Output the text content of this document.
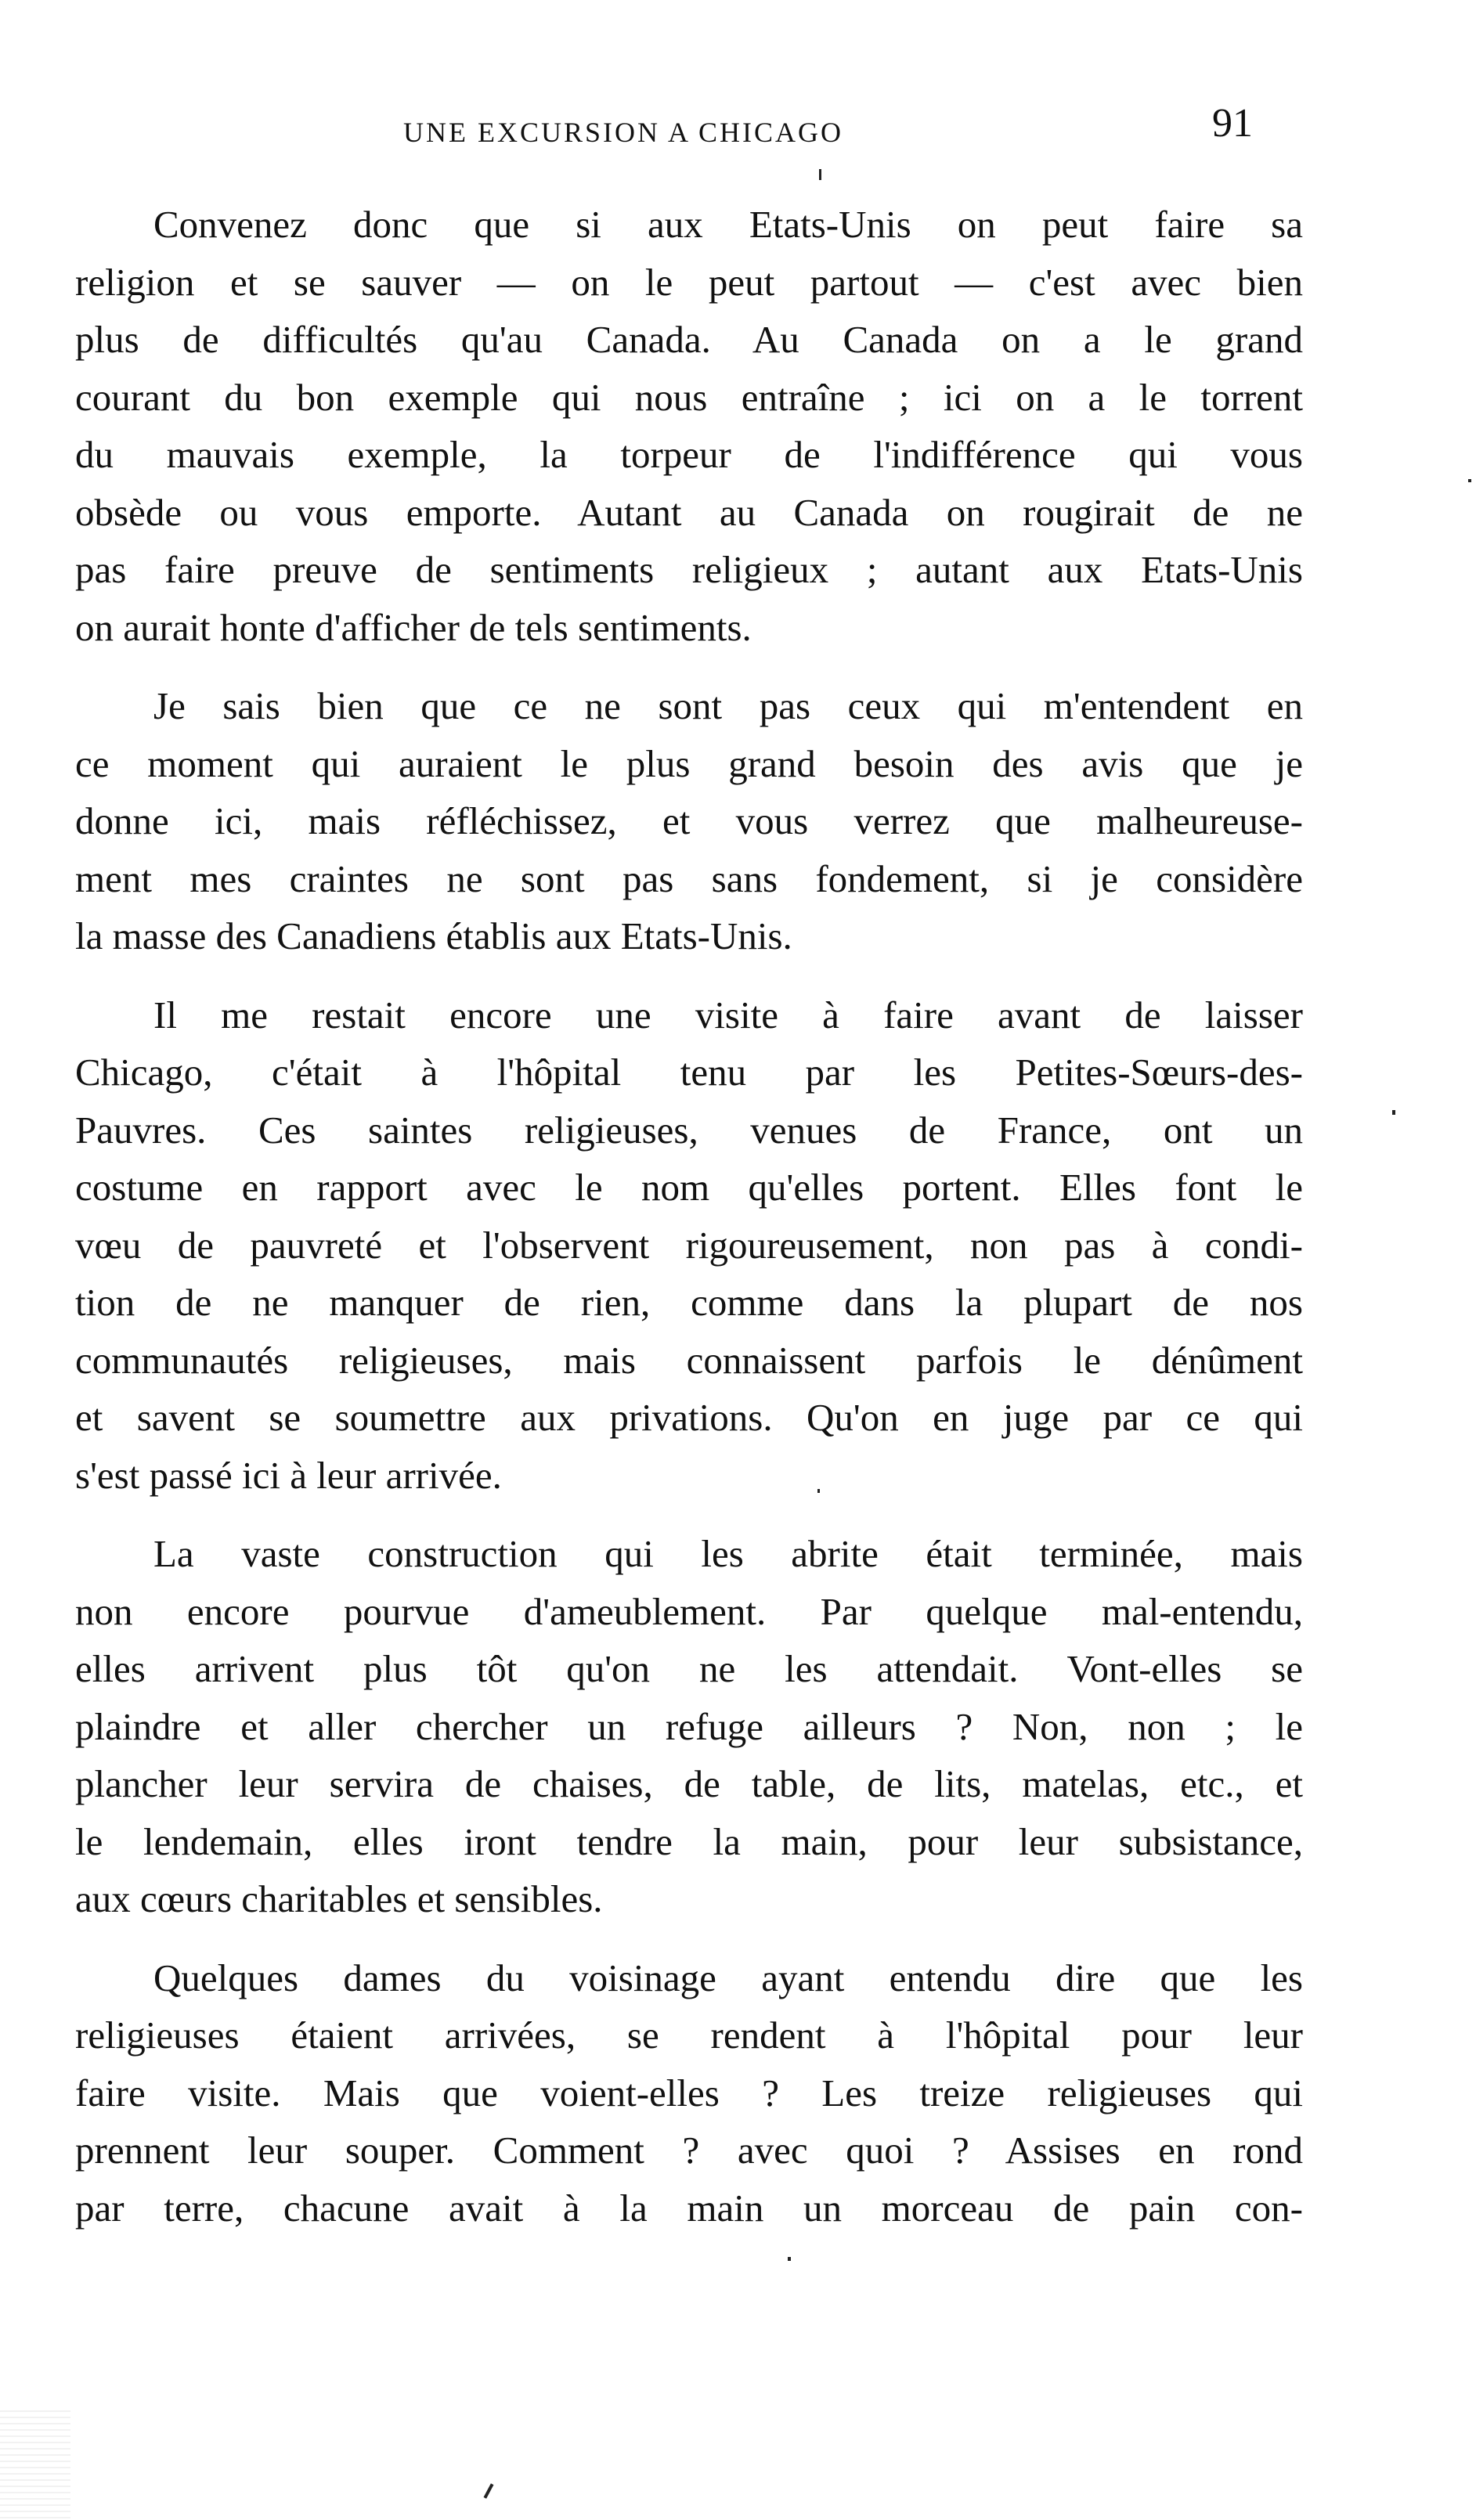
UNE EXCURSION A CHICAGO	91

Convenez donc que si aux Etats-Unis on peut faire sa
religion et se sauver — on le peut partout — c'est avec bien
plus de difficultés qu'au Canada. Au Canada on a le grand
courant du bon exemple qui nous entraîne ; ici on a le torrent
du mauvais exemple, la torpeur de l'indifférence qui vous
obsède ou vous emporte. Autant au Canada on rougirait de ne
pas faire preuve de sentiments religieux ; autant aux Etats-Unis
on aurait honte d'afficher de tels sentiments.

Je sais bien que ce ne sont pas ceux qui m'entendent en
ce moment qui auraient le plus grand besoin des avis que je
donne ici, mais réfléchissez, et vous verrez que malheureuse-
ment mes craintes ne sont pas sans fondement, si je considère
la masse des Canadiens établis aux Etats-Unis.

Il me restait encore une visite à faire avant de laisser
Chicago, c'était à l'hôpital tenu par les Petites-Sœurs-des-
Pauvres. Ces saintes religieuses, venues de France, ont un
costume en rapport avec le nom qu'elles portent. Elles font le
vœu de pauvreté et l'observent rigoureusement, non pas à condi-
tion de ne manquer de rien, comme dans la plupart de nos
communautés religieuses, mais connaissent parfois le dénûment
et savent se soumettre aux privations. Qu'on en juge par ce qui
s'est passé ici à leur arrivée.

La vaste construction qui les abrite était terminée, mais
non encore pourvue d'ameublement. Par quelque mal-entendu,
elles arrivent plus tôt qu'on ne les attendait. Vont-elles se
plaindre et aller chercher un refuge ailleurs ? Non, non ; le
plancher leur servira de chaises, de table, de lits, matelas, etc., et
le lendemain, elles iront tendre la main, pour leur subsistance,
aux cœurs charitables et sensibles.

Quelques dames du voisinage ayant entendu dire que les
religieuses étaient arrivées, se rendent à l'hôpital pour leur
faire visite. Mais que voient-elles ? Les treize religieuses qui
prennent leur souper. Comment ? avec quoi ? Assises en rond
par terre, chacune avait à la main un morceau de pain con-
